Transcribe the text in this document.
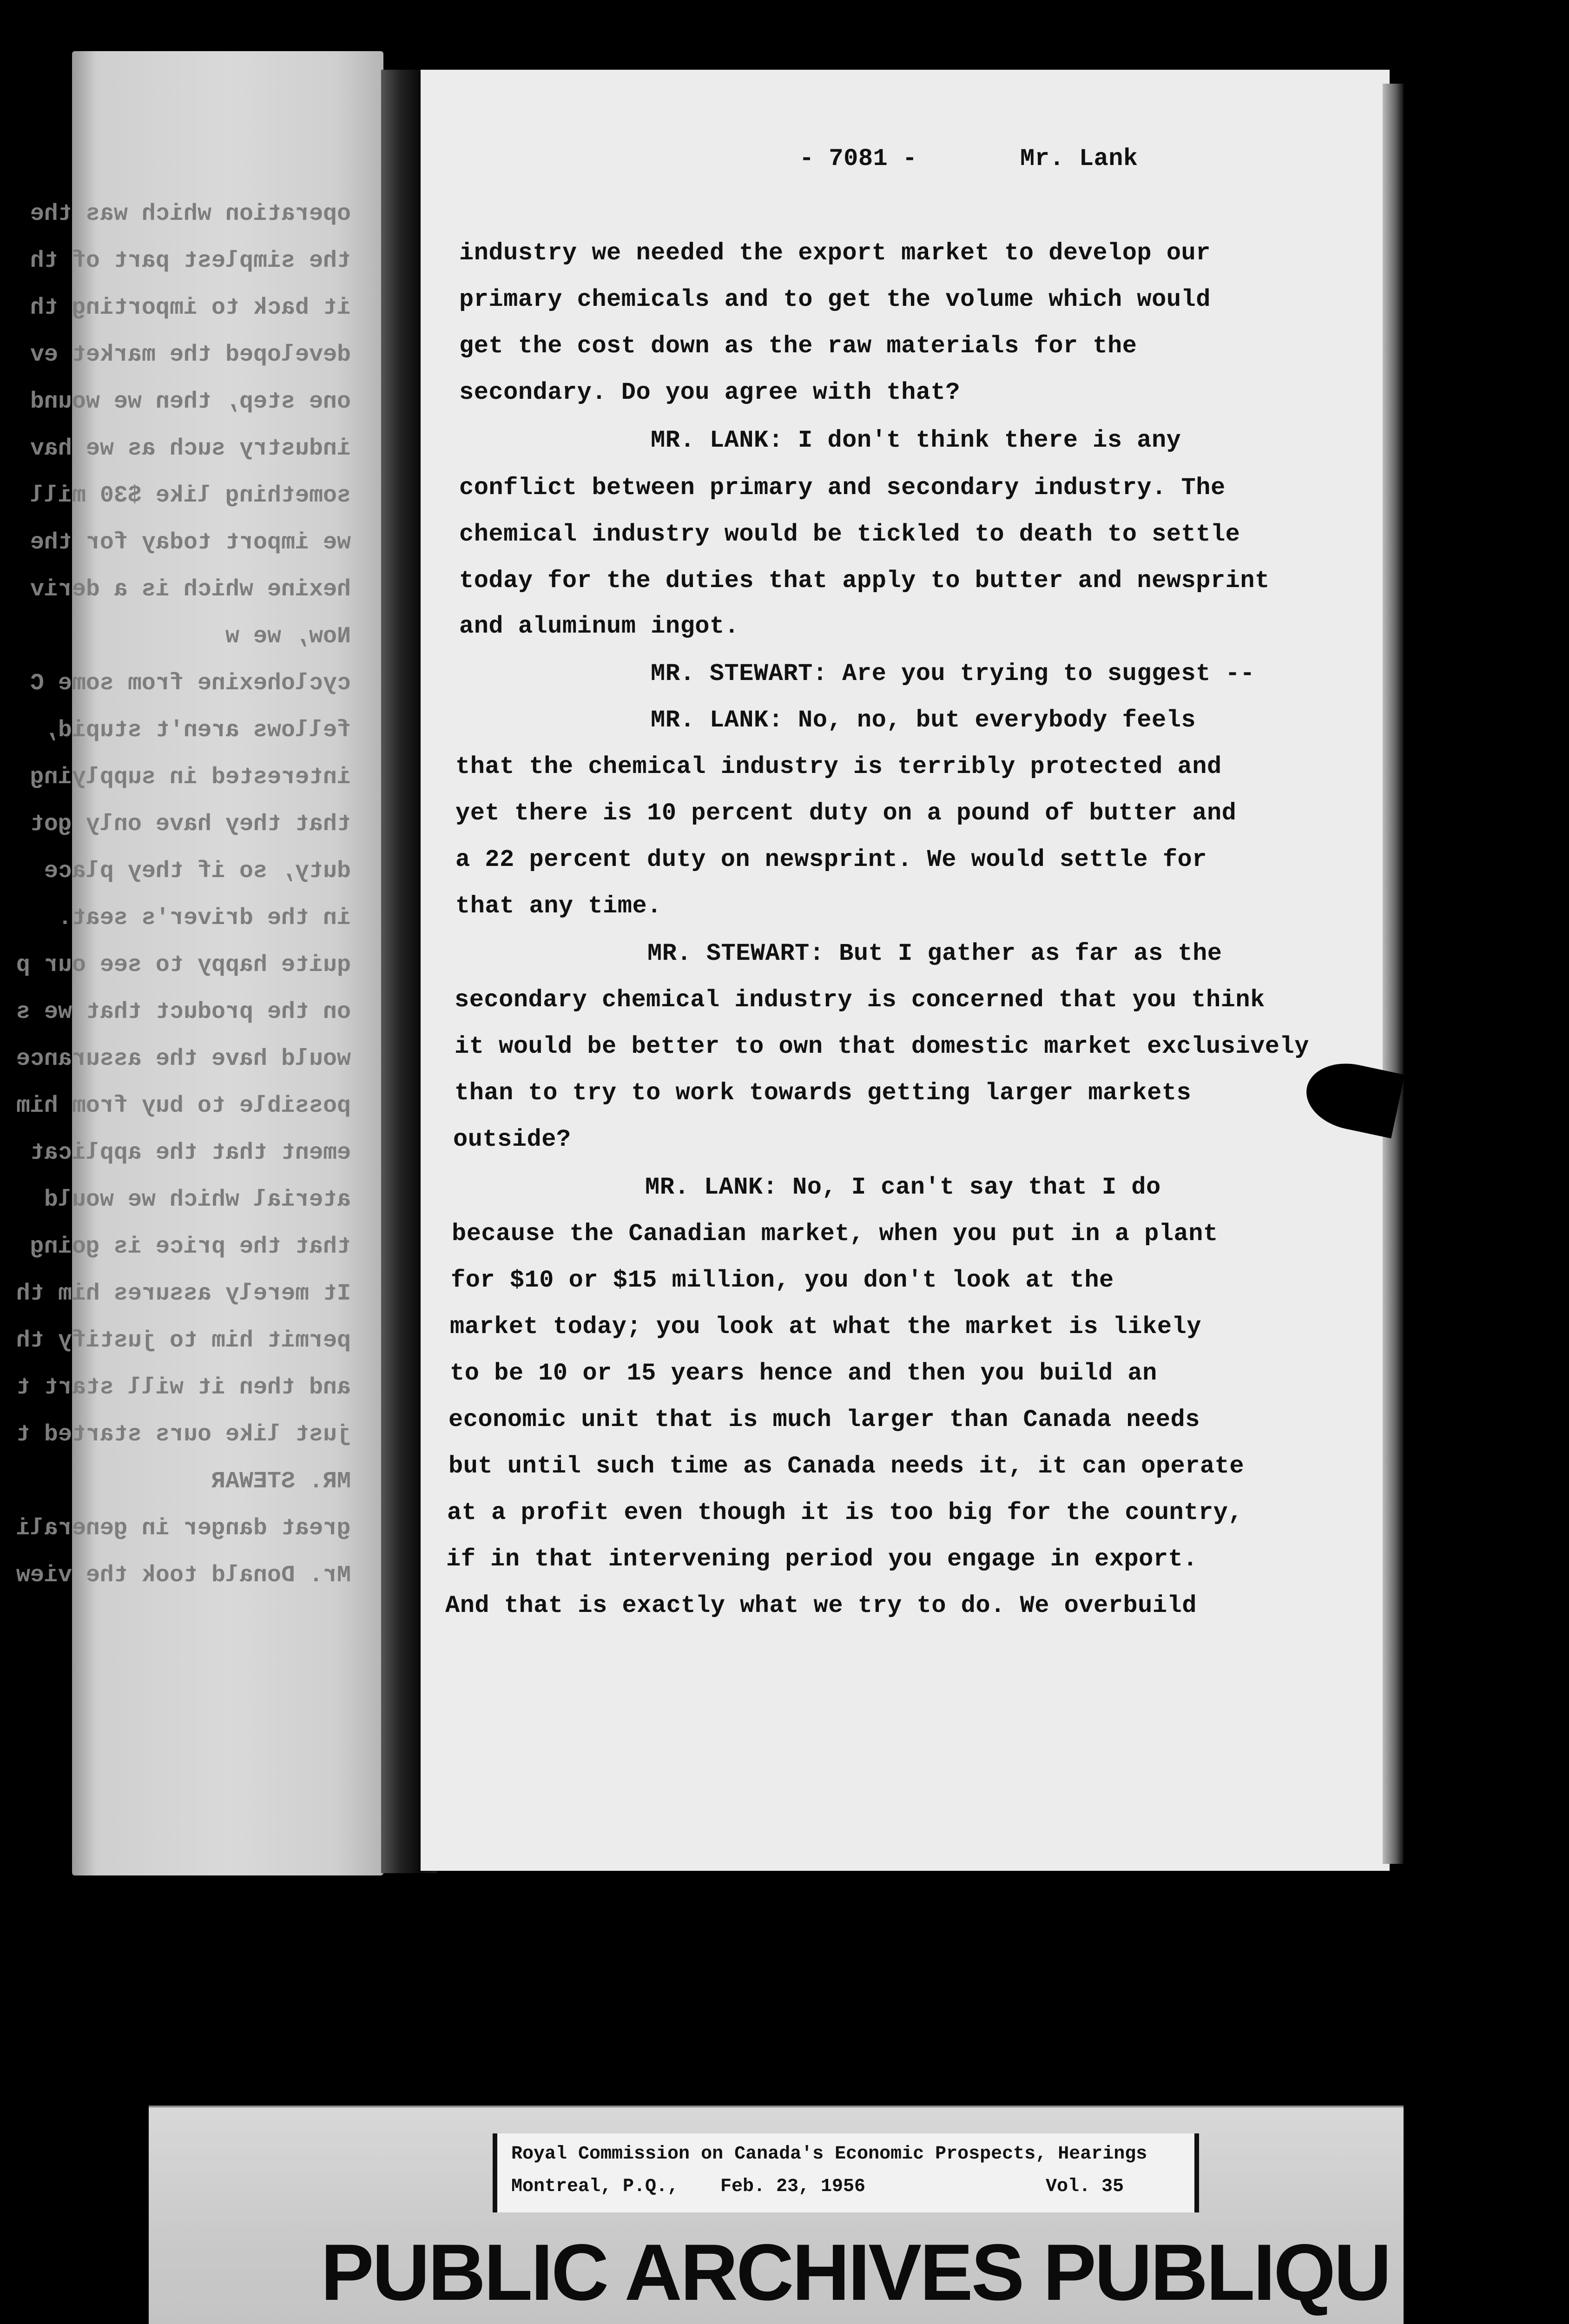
operation which was the
the simplest part of th
it back to importing th
developed the market ev
one step, then we wound
industry such as we hav
something like $30 mill
we import today for the
hexine which is a deriv
Now, we w
cyclohexine from some C
fellows aren't stupid,
interested in supplying
that they have only got
duty, so if they place
in the driver's seat.
quite happy to see our p
on the product that we s
would have the assurance
possible to buy from him
ement that the applicat
aterial which we would
that the price is going
It merely assures him th
permit him to justify th
and then it will start t
just like ours started t
MR. STEWAR
great danger in generali
Mr. Donald took the view
- 7081 -	Mr. Lank
industry we needed the export market to develop our
primary chemicals and to get the volume which would
get the cost down as the raw materials for the
secondary. Do you agree with that?
MR. LANK: I don't think there is any
conflict between primary and secondary industry. The
chemical industry would be tickled to death to settle
today for the duties that apply to butter and newsprint
and aluminum ingot.
MR. STEWART: Are you trying to suggest --
MR. LANK: No, no, but everybody feels
that the chemical industry is terribly protected and
yet there is 10 percent duty on a pound of butter and
a 22 percent duty on newsprint. We would settle for
that any time.
MR. STEWART: But I gather as far as the
secondary chemical industry is concerned that you think
it would be better to own that domestic market exclusively
than to try to work towards getting larger markets
outside?
MR. LANK: No, I can't say that I do
because the Canadian market, when you put in a plant
for $10 or $15 million, you don't look at the
market today; you look at what the market is likely
to be 10 or 15 years hence and then you build an
economic unit that is much larger than Canada needs
but until such time as Canada needs it, it can operate
at a profit even though it is too big for the country,
if in that intervening period you engage in export.
And that is exactly what we try to do. We overbuild
Royal Commission on Canada's Economic Prospects, Hearings
Montreal, P.Q., Feb. 23, 1956	Vol. 35
PUBLIC ARCHIVES PUBLIQU
